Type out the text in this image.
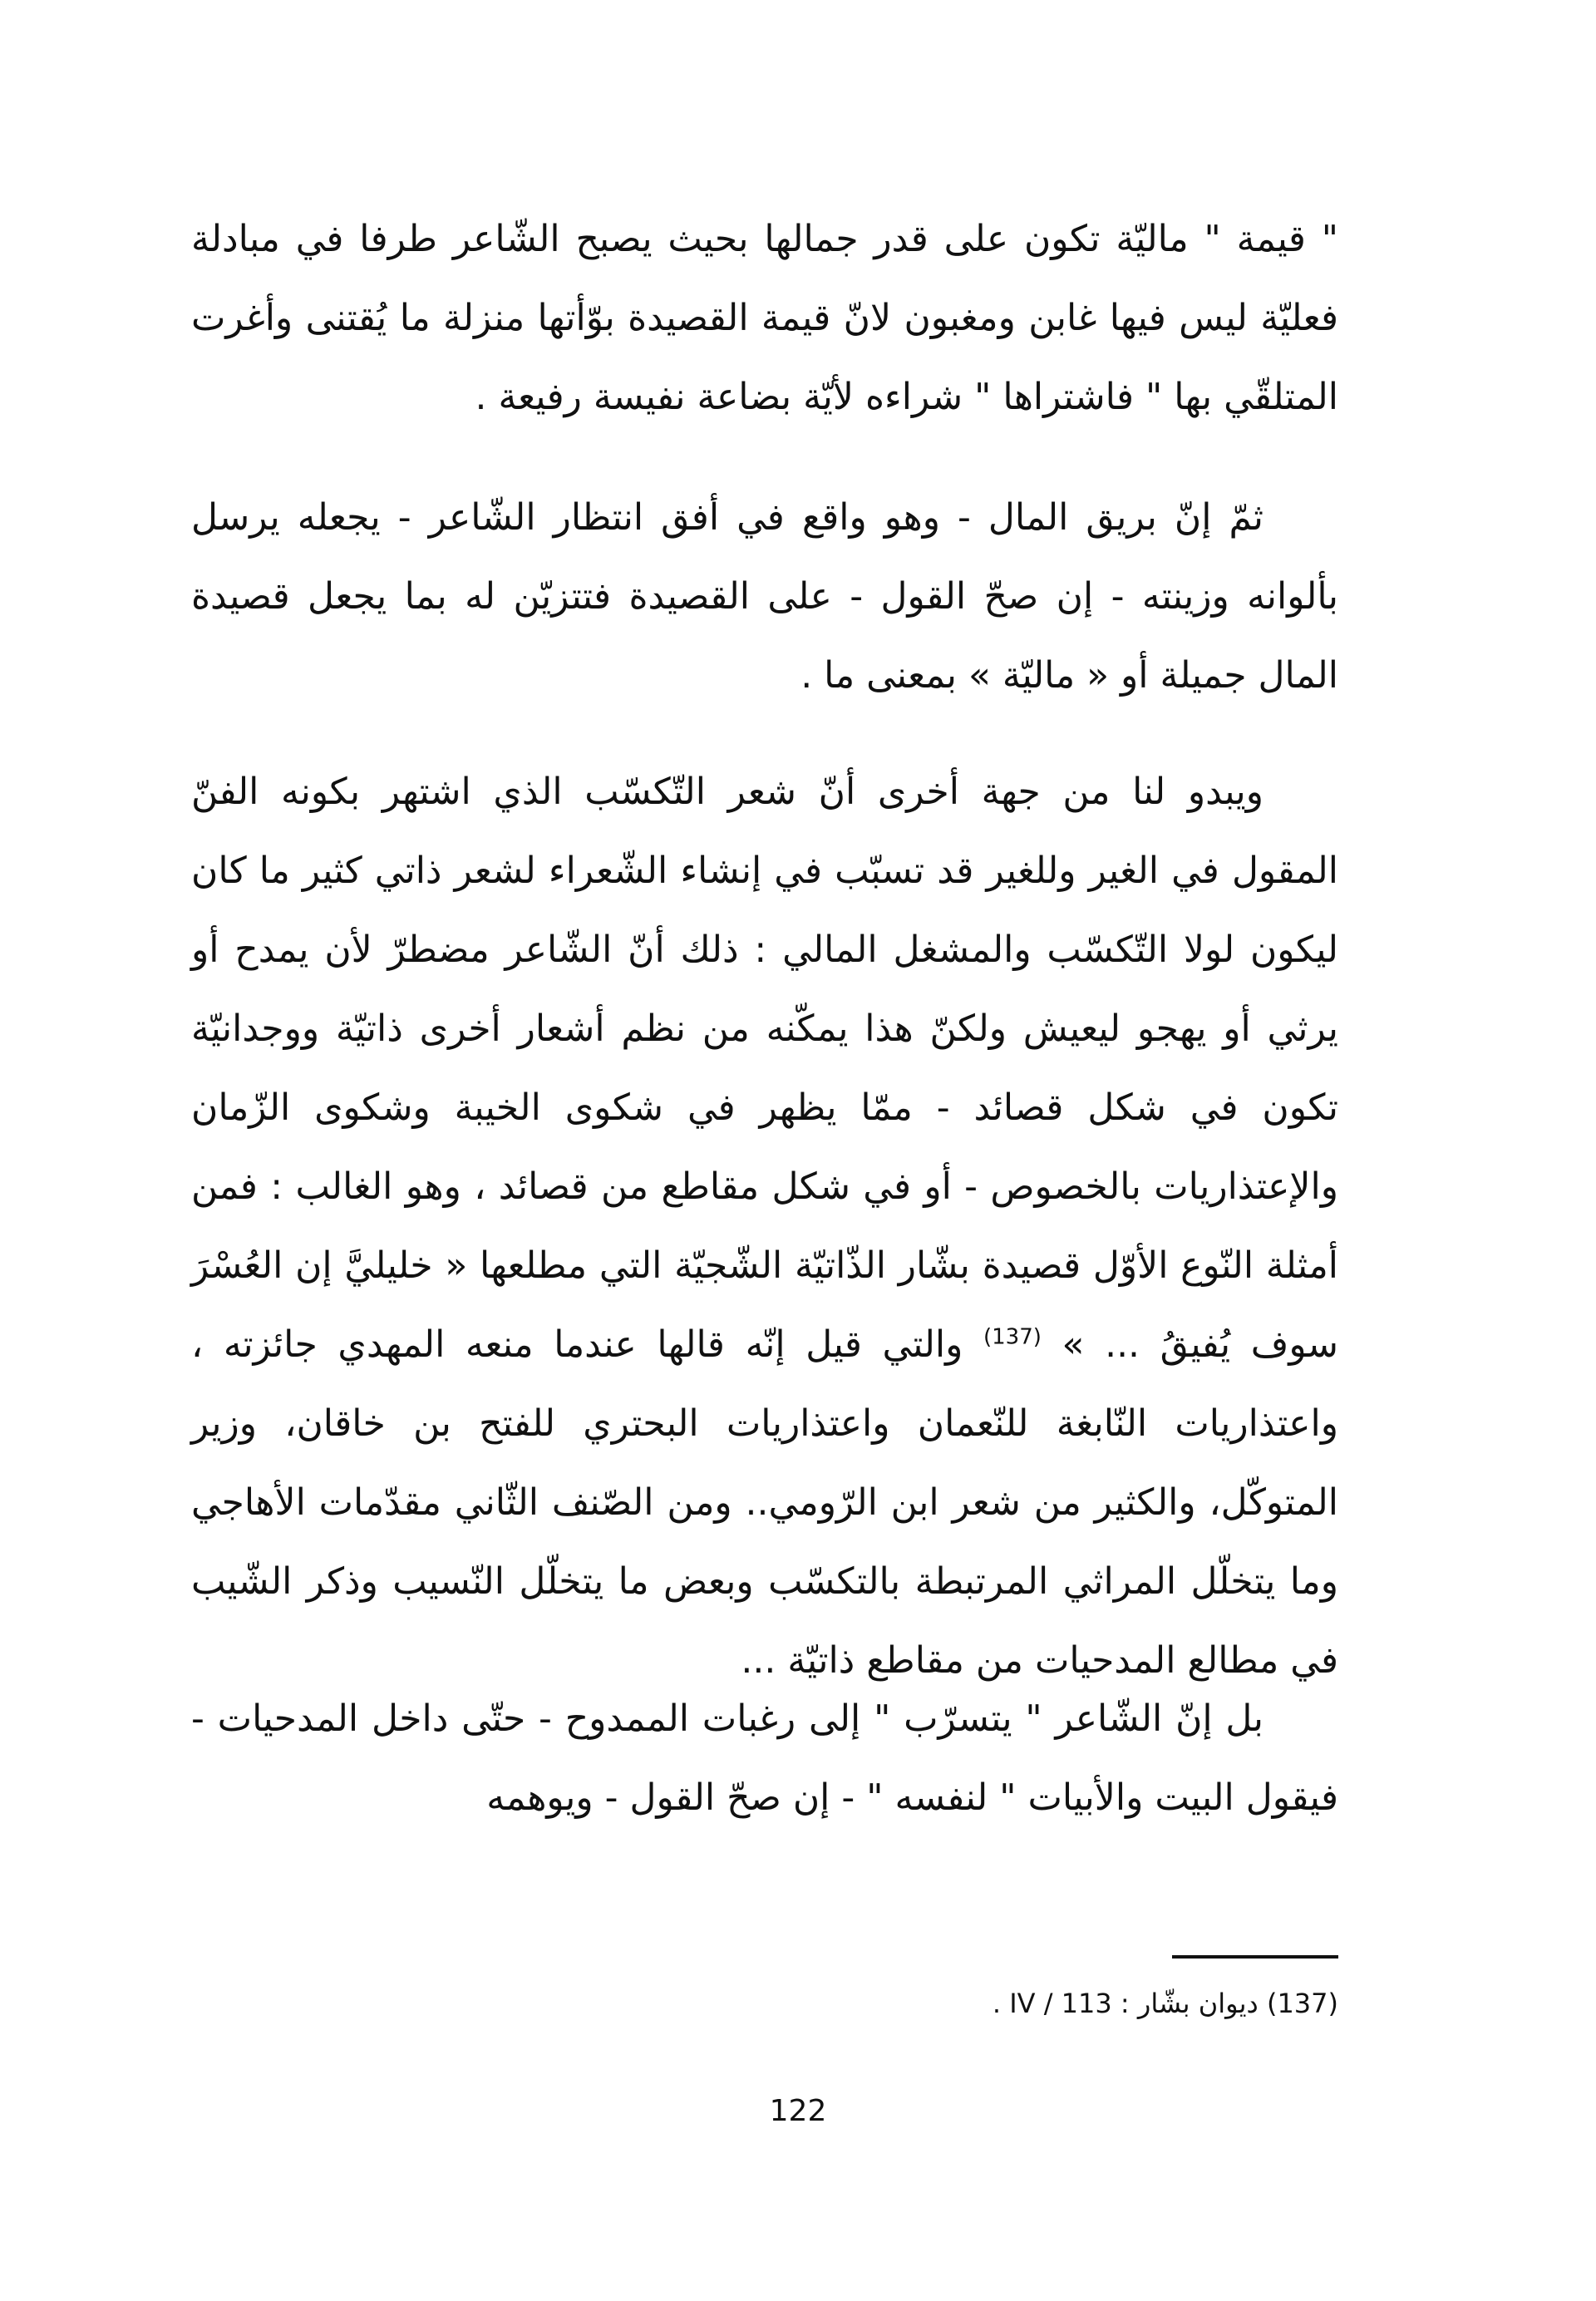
" قيمة " ماليّة تكون على قدر جمالها بحيث يصبح الشّاعر طرفا في مبادلة فعليّة ليس فيها غابن ومغبون لانّ قيمة القصيدة بوّأتها منزلة ما يُقتنى وأغرت المتلقّي بها " فاشتراها " شراءه لأيّة بضاعة نفيسة رفيعة .

ثمّ إنّ بريق المال - وهو واقع في أفق انتظار الشّاعر - يجعله يرسل بألوانه وزينته - إن صحّ القول - على القصيدة فتتزيّن له بما يجعل قصيدة المال جميلة أو « ماليّة » بمعنى ما .

ويبدو لنا من جهة أخرى أنّ شعر التّكسّب الذي اشتهر بكونه الفنّ المقول في الغير وللغير قد تسبّب في إنشاء الشّعراء لشعر ذاتي كثير ما كان ليكون لولا التّكسّب والمشغل المالي : ذلك أنّ الشّاعر مضطرّ لأن يمدح أو يرثي أو يهجو ليعيش ولكنّ هذا يمكّنه من نظم أشعار أخرى ذاتيّة ووجدانيّة تكون في شكل قصائد - ممّا يظهر في شكوى الخيبة وشكوى الزّمان والإعتذاريات بالخصوص - أو في شكل مقاطع من قصائد ، وهو الغالب : فمن أمثلة النّوع الأوّل قصيدة بشّار الذّاتيّة الشّجيّة التي مطلعها « خليليَّ إن العُسْرَ سوف يُفيقُ ... » $^{(137)}$ والتي قيل إنّه قالها عندما منعه المهدي جائزته ، واعتذاريات النّابغة للنّعمان واعتذاريات البحتري للفتح بن خاقان، وزير المتوكّل، والكثير من شعر ابن الرّومي.. ومن الصّنف الثّاني مقدّمات الأهاجي وما يتخلّل المراثي المرتبطة بالتكسّب وبعض ما يتخلّل النّسيب وذكر الشّيب في مطالع المدحيات من مقاطع ذاتيّة ...

بل إنّ الشّاعر " يتسرّب " إلى رغبات الممدوح - حتّى داخل المدحيات - فيقول البيت والأبيات " لنفسه " - إن صحّ القول - ويوهمه

(137) ديوان بشّار : IV / 113 .
122
